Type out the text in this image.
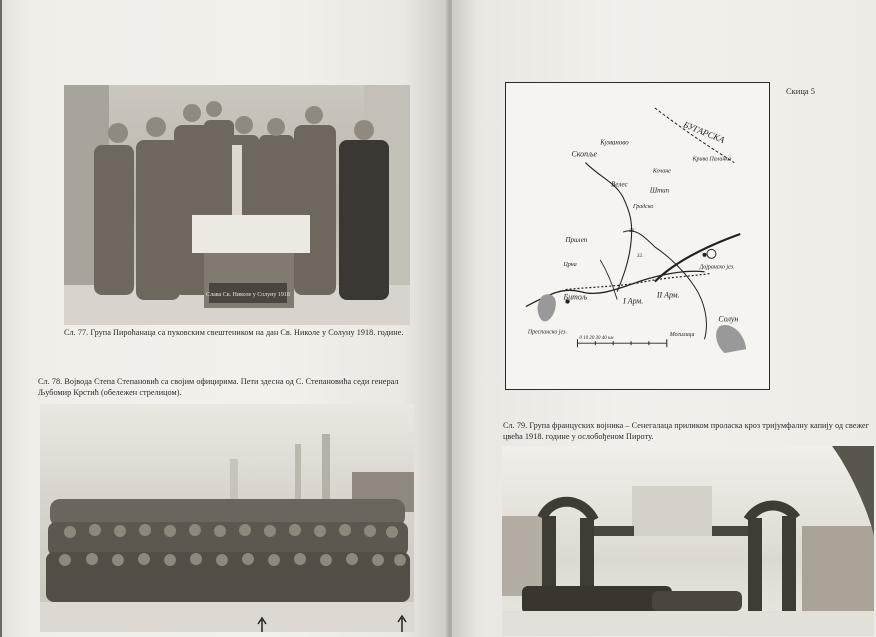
Слава Св. Николе у Солуну 1918
Сл. 77. Група Пироћанаца са пуковским свештеником на дан Св. Николе у Солуну 1918. године.
Сл. 78. Војвода Степа Степановић са својим официрима. Пети здесна од С. Степановића седи генерал Љубомир Крстић (обележен стрелицом).
0 10 20 30 40 км
БУГАРСКА
Куманово
Скопље
Крива Паланка
Кочане
Велес
Штип
Градско
Прилеп
Битољ
Црна
Преспанско јез.
Дојранско јез.
Могилица
Солун
I Арм.
II Арм.
39.
32.
Скица 5
Сл. 79. Група француских војника – Сенегалаца приликом проласка кроз тријумфалну капију од свежег цвећа 1918. године у ослобођеном Пироту.
